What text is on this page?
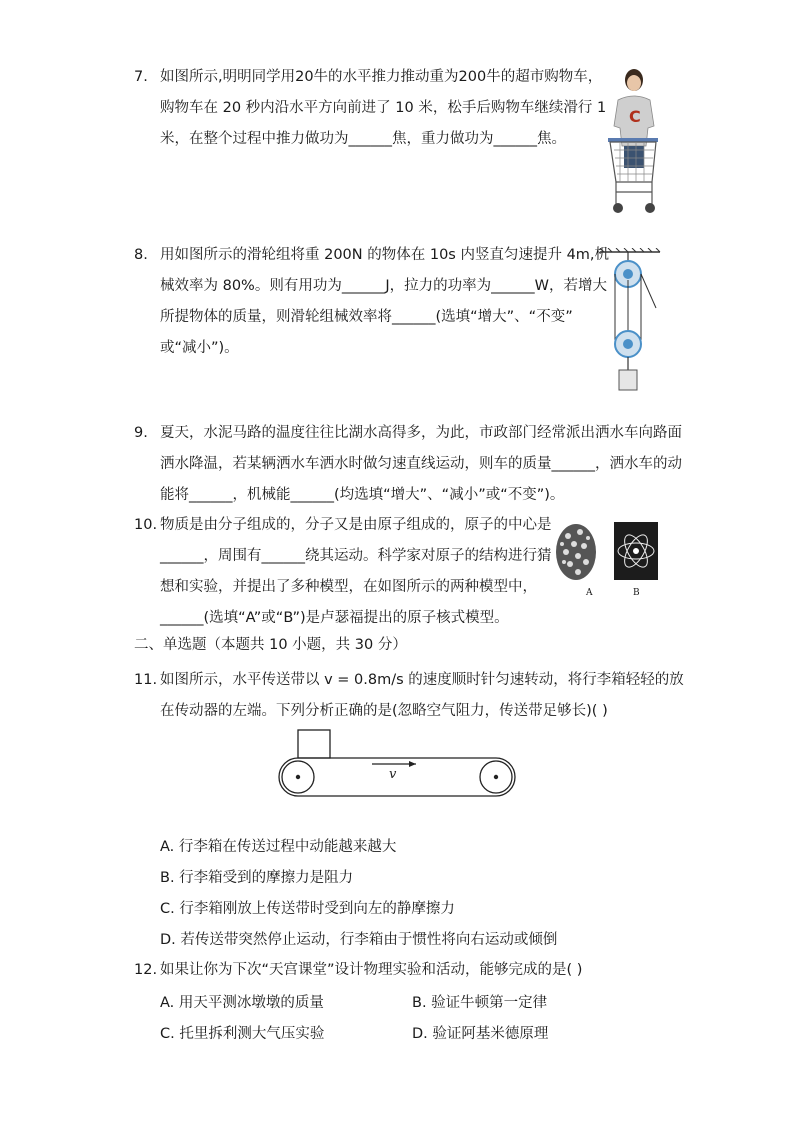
7. 如图所示,明明同学用20牛的水平推力推动重为200牛的超市购物车，
购物车在 20 秒内沿水平方向前进了 10 米，松手后购物车继续滑行 1
米，在整个过程中推力做功为______焦，重力做功为______焦。
C
8. 用如图所示的滑轮组将重 200N 的物体在 10s 内竖直匀速提升 4m,机
械效率为 80%。则有用功为______J，拉力的功率为______W，若增大
所提物体的质量，则滑轮组械效率将______(选填“增大”、“不变”
或“减小”)。
9. 夏天，水泥马路的温度往往比湖水高得多，为此，市政部门经常派出洒水车向路面
洒水降温，若某辆洒水车洒水时做匀速直线运动，则车的质量______，洒水车的动
能将______，机械能______(均选填“增大”、“减小”或“不变”)。
10. 物质是由分子组成的，分子又是由原子组成的，原子的中心是
______，周围有______绕其运动。科学家对原子的结构进行猜
想和实验，并提出了多种模型，在如图所示的两种模型中，
______(选填“A”或“B”)是卢瑟福提出的原子核式模型。
A	B
二、单选题（本题共 10 小题，共 30 分）
11. 如图所示，水平传送带以 v = 0.8m/s 的速度顺时针匀速转动，将行李箱轻轻的放
在传动器的左端。下列分析正确的是(忽略空气阻力，传送带足够长)( )
v
A. 行李箱在传送过程中动能越来越大
B. 行李箱受到的摩擦力是阻力
C. 行李箱刚放上传送带时受到向左的静摩擦力
D. 若传送带突然停止运动，行李箱由于惯性将向右运动或倾倒
12. 如果让你为下次“天宫课堂”设计物理实验和活动，能够完成的是( )
A. 用天平测冰墩墩的质量	B. 验证牛顿第一定律
C. 托里拆利测大气压实验	D. 验证阿基米德原理
